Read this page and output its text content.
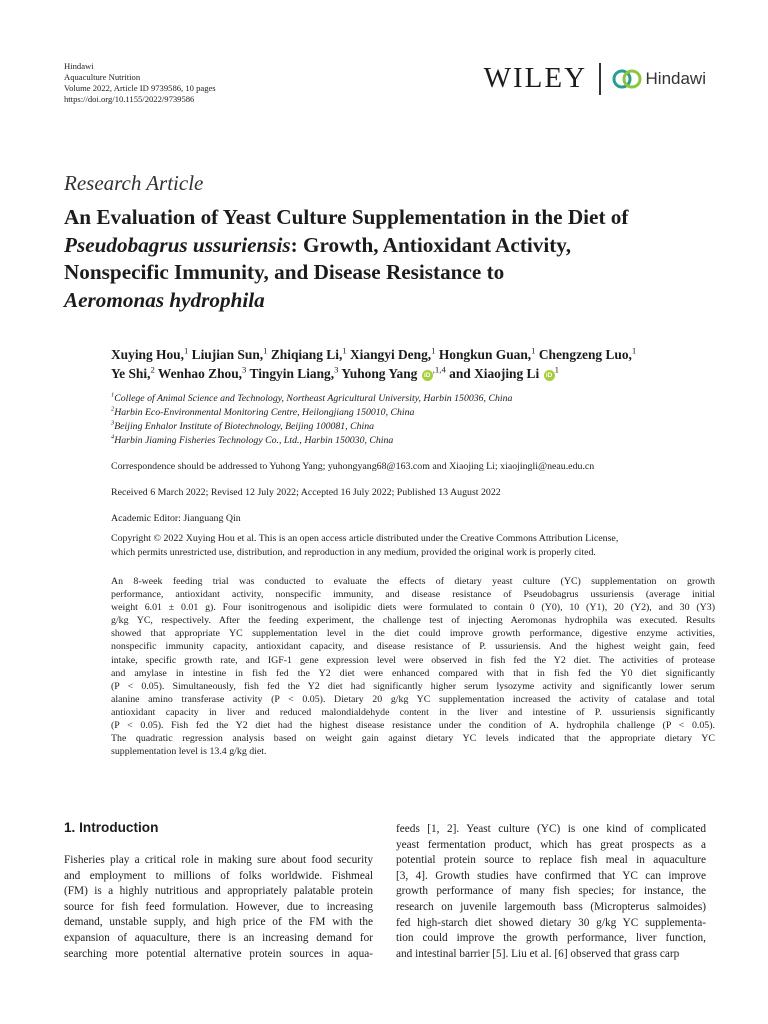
Hindawi
Aquaculture Nutrition
Volume 2022, Article ID 9739586, 10 pages
https://doi.org/10.1155/2022/9739586
WILEY	Hindawi
Research Article
An Evaluation of Yeast Culture Supplementation in the Diet of
Pseudobagrus ussuriensis: Growth, Antioxidant Activity,
Nonspecific Immunity, and Disease Resistance to
Aeromonas hydrophila
Xuying Hou,$^1$ Liujian Sun,$^1$ Zhiqiang Li,$^1$ Xiangyi Deng,$^1$ Hongkun Guan,$^1$ Chengzeng Luo,$^1$
Ye Shi,$^2$ Wenhao Zhou,$^3$ Tingyin Liang,$^3$ Yuhong Yang $iD^{,1,4}$ and Xiaojing Li $iD^1$
$^1$College of Animal Science and Technology, Northeast Agricultural University, Harbin 150036, China
$^2$Harbin Eco-Environmental Monitoring Centre, Heilongjiang 150010, China
$^3$Beijing Enhalor Institute of Biotechnology, Beijing 100081, China
$^4$Harbin Jiaming Fisheries Technology Co., Ltd., Harbin 150030, China
Correspondence should be addressed to Yuhong Yang; yuhongyang68@163.com and Xiaojing Li; xiaojingli@neau.edu.cn
Received 6 March 2022; Revised 12 July 2022; Accepted 16 July 2022; Published 13 August 2022
Academic Editor: Jianguang Qin
Copyright © 2022 Xuying Hou et al. This is an open access article distributed under the Creative Commons Attribution License,
which permits unrestricted use, distribution, and reproduction in any medium, provided the original work is properly cited.
An 8-week feeding trial was conducted to evaluate the effects of dietary yeast culture (YC) supplementation on growth
performance, antioxidant activity, nonspecific immunity, and disease resistance of Pseudobagrus ussuriensis (average initial
weight 6.01 ± 0.01 g). Four isonitrogenous and isolipidic diets were formulated to contain 0 (Y0), 10 (Y1), 20 (Y2), and 30 (Y3)
g/kg YC, respectively. After the feeding experiment, the challenge test of injecting Aeromonas hydrophila was executed. Results
showed that appropriate YC supplementation level in the diet could improve growth performance, digestive enzyme activities,
nonspecific immunity capacity, antioxidant capacity, and disease resistance of P. ussuriensis. And the highest weight gain, feed
intake, specific growth rate, and IGF-1 gene expression level were observed in fish fed the Y2 diet. The activities of protease
and amylase in intestine in fish fed the Y2 diet were enhanced compared with that in fish fed the Y0 diet significantly
(P < 0.05). Simultaneously, fish fed the Y2 diet had significantly higher serum lysozyme activity and significantly lower serum
alanine amino transferase activity (P < 0.05). Dietary 20 g/kg YC supplementation increased the activity of catalase and total
antioxidant capacity in liver and reduced malondialdehyde content in the liver and intestine of P. ussuriensis significantly
(P < 0.05). Fish fed the Y2 diet had the highest disease resistance under the condition of A. hydrophila challenge (P < 0.05).
The quadratic regression analysis based on weight gain against dietary YC levels indicated that the appropriate dietary YC
supplementation level is 13.4 g/kg diet.
1. Introduction
Fisheries play a critical role in making sure about food security
and employment to millions of folks worldwide. Fishmeal
(FM) is a highly nutritious and appropriately palatable protein
source for fish feed formulation. However, due to increasing
demand, unstable supply, and high price of the FM with the
expansion of aquaculture, there is an increasing demand for
searching more potential alternative protein sources in aqua-
feeds [1, 2]. Yeast culture (YC) is one kind of complicated
yeast fermentation product, which has great prospects as a
potential protein source to replace fish meal in aquaculture
[3, 4]. Growth studies have confirmed that YC can improve
growth performance of many fish species; for instance, the
research on juvenile largemouth bass (Micropterus salmoides)
fed high-starch diet showed dietary 30 g/kg YC supplementa-
tion could improve the growth performance, liver function,
and intestinal barrier [5]. Liu et al. [6] observed that grass carp
